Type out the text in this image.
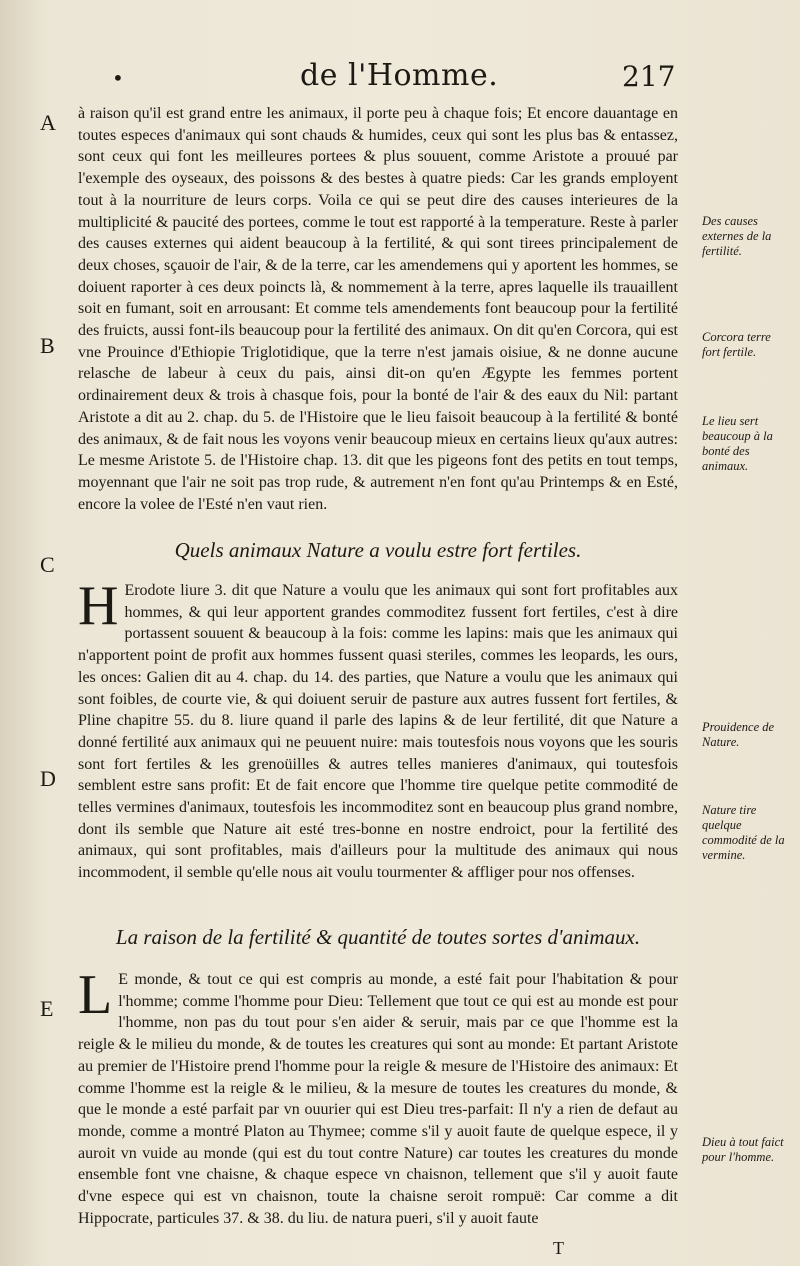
•	de l'Homme.	217
A
B
C
D
E

à raison qu'il est grand entre les animaux, il porte peu à chaque fois; Et encore dauantage en toutes especes d'animaux qui sont chauds & humides, ceux qui sont les plus bas & entassez, sont ceux qui font les meilleures portees & plus souuent, comme Aristote a prouué par l'exemple des oyseaux, des poissons & des bestes à quatre pieds: Car les grands employent tout à la nourriture de leurs corps. Voila ce qui se peut dire des causes interieures de la multiplicité & paucité des portees, comme le tout est rapporté à la temperature. Reste à parler des causes externes qui aident beaucoup à la fertilité, & qui sont tirees principalement de deux choses, sçauoir de l'air, & de la terre, car les amendemens qui y aportent les hommes, se doiuent raporter à ces deux poincts là, & nommement à la terre, apres laquelle ils trauaillent soit en fumant, soit en arrousant: Et comme tels amendements font beaucoup pour la fertilité des fruicts, aussi font-ils beaucoup pour la fertilité des animaux. On dit qu'en Corcora, qui est vne Prouince d'Ethiopie Triglotidique, que la terre n'est jamais oisiue, & ne donne aucune relasche de labeur à ceux du pais, ainsi dit-on qu'en Ægypte les femmes portent ordinairement deux & trois à chasque fois, pour la bonté de l'air & des eaux du Nil: partant Aristote a dit au 2. chap. du 5. de l'Histoire que le lieu faisoit beaucoup à la fertilité & bonté des animaux, & de fait nous les voyons venir beaucoup mieux en certains lieux qu'aux autres: Le mesme Aristote 5. de l'Histoire chap. 13. dit que les pigeons font des petits en tout temps, moyennant que l'air ne soit pas trop rude, & autrement n'en font qu'au Printemps & en Esté, encore la volee de l'Esté n'en vaut rien.

Quels animaux Nature a voulu estre fort fertiles.
H Erodote liure 3. dit que Nature a voulu que les animaux qui sont fort profitables aux hommes, & qui leur apportent grandes commoditez fussent fort fertiles, c'est à dire portassent souuent & beaucoup à la fois: comme les lapins: mais que les animaux qui n'apportent point de profit aux hommes fussent quasi steriles, commes les leopards, les ours, les onces: Galien dit au 4. chap. du 14. des parties, que Nature a voulu que les animaux qui sont foibles, de courte vie, & qui doiuent seruir de pasture aux autres fussent fort fertiles, & Pline chapitre 55. du 8. liure quand il parle des lapins & de leur fertilité, dit que Nature a donné fertilité aux animaux qui ne peuuent nuire: mais toutesfois nous voyons que les souris sont fort fertiles & les grenoüilles & autres telles manieres d'animaux, qui toutesfois semblent estre sans profit: Et de fait encore que l'homme tire quelque petite commodité de telles vermines d'animaux, toutesfois les incommoditez sont en beaucoup plus grand nombre, dont ils semble que Nature ait esté tres-bonne en nostre endroict, pour la fertilité des animaux, qui sont profitables, mais d'ailleurs pour la multitude des animaux qui nous incommodent, il semble qu'elle nous ait voulu tourmenter & affliger pour nos offenses.
La raison de la fertilité & quantité de toutes sortes d'animaux.
L E monde, & tout ce qui est compris au monde, a esté fait pour l'habitation & pour l'homme; comme l'homme pour Dieu: Tellement que tout ce qui est au monde est pour l'homme, non pas du tout pour s'en aider & seruir, mais par ce que l'homme est la reigle & le milieu du monde, & de toutes les creatures qui sont au monde: Et partant Aristote au premier de l'Histoire prend l'homme pour la reigle & mesure de l'Histoire des animaux: Et comme l'homme est la reigle & le milieu, & la mesure de toutes les creatures du monde, & que le monde a esté parfait par vn ouurier qui est Dieu tres-parfait: Il n'y a rien de defaut au monde, comme a montré Platon au Thymee; comme s'il y auoit faute de quelque espece, il y auroit vn vuide au monde (qui est du tout contre Nature) car toutes les creatures du monde ensemble font vne chaisne, & chaque espece vn chaisnon, tellement que s'il y auoit faute d'vne espece qui est vn chaisnon, toute la chaisne seroit rompuë: Car comme a dit Hippocrate, particules 37. & 38. du liu. de natura pueri, s'il y auoit faute
Des causes externes de la fertilité.
Corcora terre fort fertile.
Le lieu sert beaucoup à la bonté des animaux.
Prouidence de Nature.
Nature tire quelque commodité de la vermine.
Dieu à tout faict pour l'homme.
T
